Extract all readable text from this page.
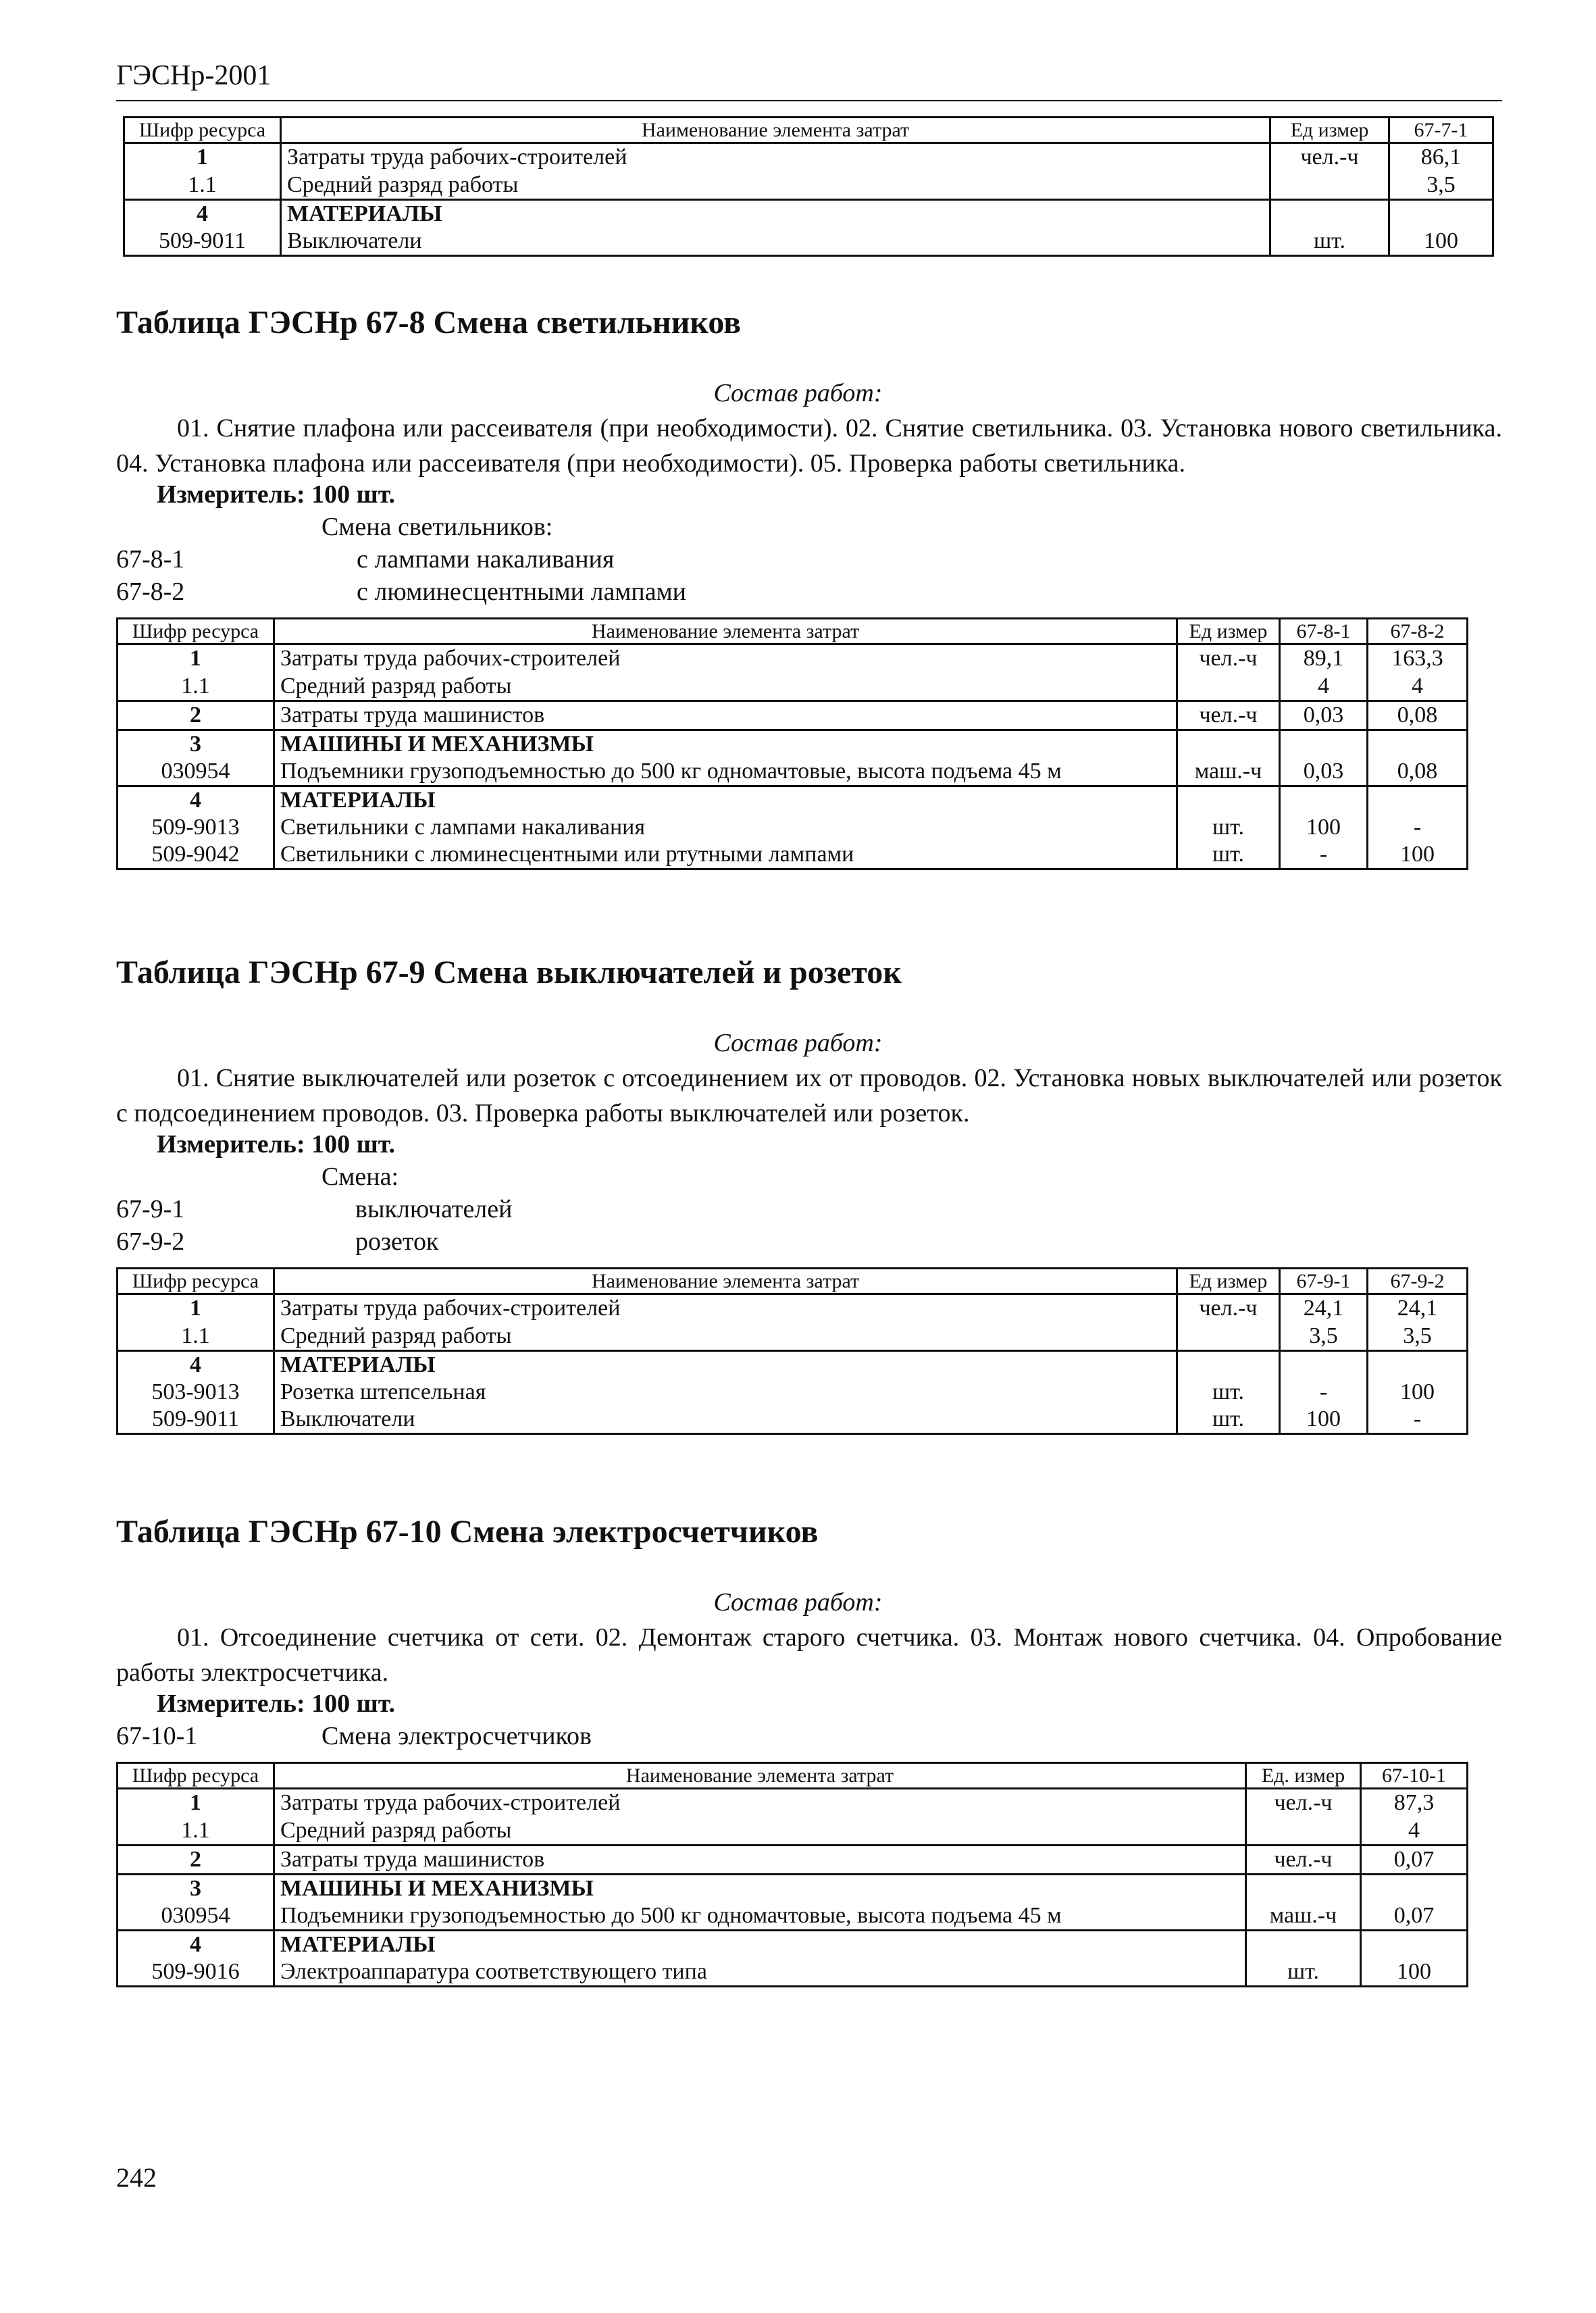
ГЭСНр-2001
Шифр ресурса	Наименование элемента затрат	Ед измер	67-7-1
1	Затраты труда рабочих-строителей	чел.-ч	86,1
1.1	Средний разряд работы		3,5
4	МАТЕРИАЛЫ		
509-9011	Выключатели	шт.	100
Таблица ГЭСНр 67-8 Смена светильников
Состав работ:
01. Снятие плафона или рассеивателя (при необходимости). 02. Снятие светильника. 03. Установка нового светильника. 04. Установка плафона или рассеивателя (при необходимости). 05. Проверка работы светильника.
Измеритель: 100 шт.
Смена светильников:
67-8-1	с лампами накаливания
67-8-2	с люминесцентными лампами
Шифр ресурса	Наименование элемента затрат	Ед измер	67-8-1	67-8-2
1	Затраты труда рабочих-строителей	чел.-ч	89,1	163,3
1.1	Средний разряд работы		4	4
2	Затраты труда машинистов	чел.-ч	0,03	0,08
3	МАШИНЫ И МЕХАНИЗМЫ			
030954	Подъемники грузоподъемностью до 500 кг одномачтовые, высота подъема 45 м	маш.-ч	0,03	0,08
4	МАТЕРИАЛЫ			
509-9013	Светильники с лампами накаливания	шт.	100	-
509-9042	Светильники с люминесцентными или ртутными лампами	шт.	-	100
Таблица ГЭСНр 67-9 Смена выключателей и розеток
Состав работ:
01. Снятие выключателей или розеток с отсоединением их от проводов. 02. Установка новых выключателей или розеток с подсоединением проводов. 03. Проверка работы выключателей или розеток.
Измеритель: 100 шт.
Смена:
67-9-1	выключателей
67-9-2	розеток
Шифр ресурса	Наименование элемента затрат	Ед измер	67-9-1	67-9-2
1	Затраты труда рабочих-строителей	чел.-ч	24,1	24,1
1.1	Средний разряд работы		3,5	3,5
4	МАТЕРИАЛЫ			
503-9013	Розетка штепсельная	шт.	-	100
509-9011	Выключатели	шт.	100	-
Таблица ГЭСНр 67-10 Смена электросчетчиков
Состав работ:
01. Отсоединение счетчика от сети. 02. Демонтаж старого счетчика. 03. Монтаж нового счетчика. 04. Опробование работы электросчетчика.
Измеритель: 100 шт.
67-10-1	Смена электросчетчиков
Шифр ресурса	Наименование элемента затрат	Ед. измер	67-10-1
1	Затраты труда рабочих-строителей	чел.-ч	87,3
1.1	Средний разряд работы		4
2	Затраты труда машинистов	чел.-ч	0,07
3	МАШИНЫ И МЕХАНИЗМЫ		
030954	Подъемники грузоподъемностью до 500 кг одномачтовые, высота подъема 45 м	маш.-ч	0,07
4	МАТЕРИАЛЫ		
509-9016	Электроаппаратура соответствующего типа	шт.	100
242
